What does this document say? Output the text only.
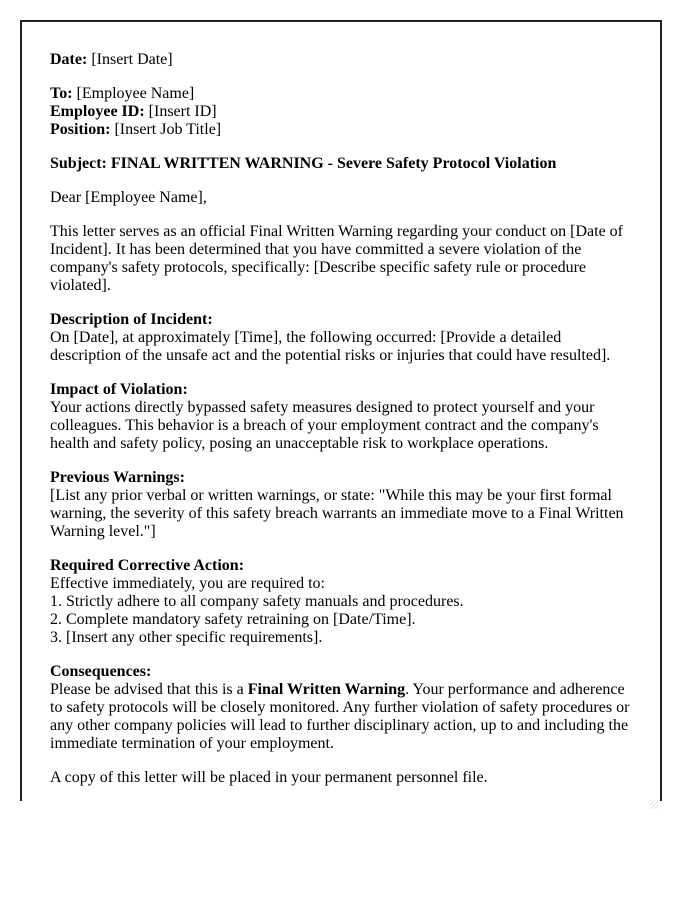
Date: [Insert Date]

To: [Employee Name]
Employee ID: [Insert ID]
Position: [Insert Job Title]

Subject: FINAL WRITTEN WARNING - Severe Safety Protocol Violation

Dear [Employee Name],

This letter serves as an official Final Written Warning regarding your conduct on [Date of Incident]. It has been determined that you have committed a severe violation of the company's safety protocols, specifically: [Describe specific safety rule or procedure violated].

Description of Incident:
On [Date], at approximately [Time], the following occurred: [Provide a detailed description of the unsafe act and the potential risks or injuries that could have resulted].
Impact of Violation:
Your actions directly bypassed safety measures designed to protect yourself and your colleagues. This behavior is a breach of your employment contract and the company's health and safety policy, posing an unacceptable risk to workplace operations.
Previous Warnings:
[List any prior verbal or written warnings, or state: "While this may be your first formal warning, the severity of this safety breach warrants an immediate move to a Final Written Warning level."]
Required Corrective Action:
Effective immediately, you are required to:
1. Strictly adhere to all company safety manuals and procedures.
2. Complete mandatory safety retraining on [Date/Time].
3. [Insert any other specific requirements].
Consequences:
Please be advised that this is a Final Written Warning. Your performance and adherence to safety protocols will be closely monitored. Any further violation of safety procedures or any other company policies will lead to further disciplinary action, up to and including the immediate termination of your employment.

A copy of this letter will be placed in your permanent personnel file.
